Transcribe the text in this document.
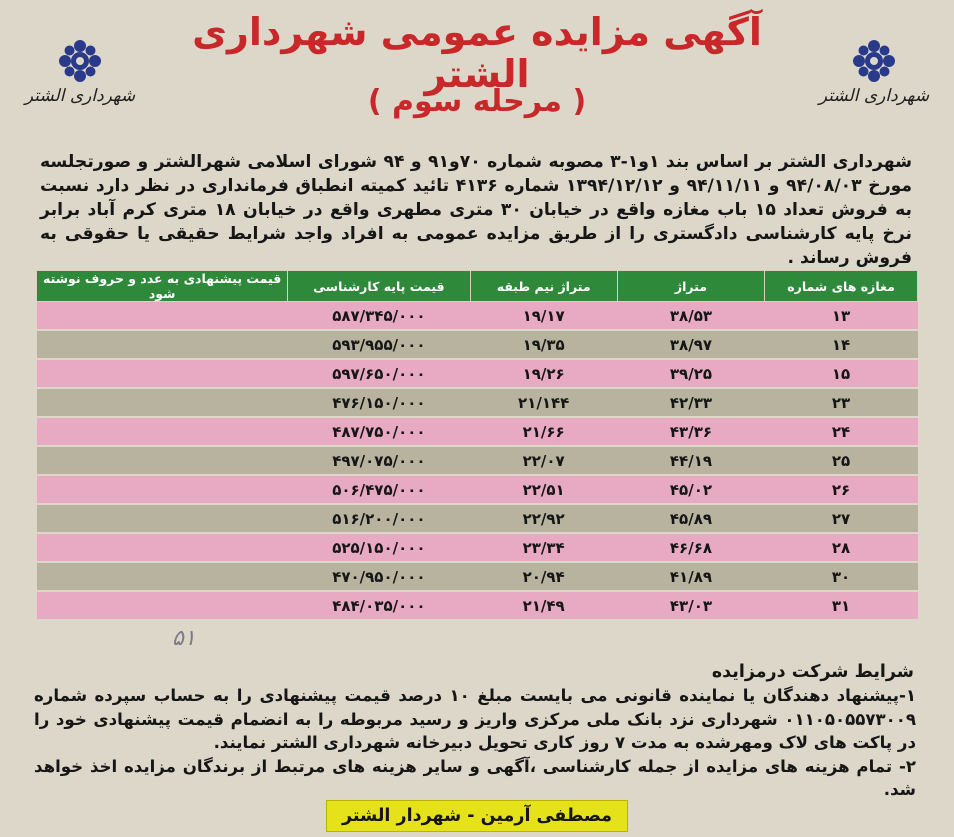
شهرداری الشتر
شهرداری الشتر
آگهی مزایده عمومی شهرداری الشتر
( مرحله سوم )
شهرداری الشتر بر اساس بند ۱و۱-۳ مصوبه شماره ۷۰و۹۱ و ۹۴ شورای اسلامی شهرالشتر و صورتجلسه مورخ ۹۴/۰۸/۰۳ و ۹۴/۱۱/۱۱ و ۱۳۹۴/۱۲/۱۲ شماره ۴۱۳۶ تائید کمیته انطباق فرمانداری در نظر دارد نسبت به فروش تعداد ۱۵ باب مغازه واقع در خیابان ۳۰ متری مطهری واقع در خیابان ۱۸ متری کرم آباد برابر نرخ پایه کارشناسی دادگستری را از طریق مزایده عمومی به افراد واجد شرایط حقیقی یا حقوقی به فروش رساند .
مغازه های شماره	متراژ	متراژ نیم طبقه	قیمت پایه کارشناسی	قیمت پیشنهادی به عدد و حروف نوشته شود
۱۳	۳۸/۵۳	۱۹/۱۷	۵۸۷/۳۴۵/۰۰۰	
۱۴	۳۸/۹۷	۱۹/۳۵	۵۹۳/۹۵۵/۰۰۰	
۱۵	۳۹/۲۵	۱۹/۲۶	۵۹۷/۶۵۰/۰۰۰	
۲۳	۴۲/۳۳	۲۱/۱۴۴	۴۷۶/۱۵۰/۰۰۰	
۲۴	۴۳/۳۶	۲۱/۶۶	۴۸۷/۷۵۰/۰۰۰	
۲۵	۴۴/۱۹	۲۲/۰۷	۴۹۷/۰۷۵/۰۰۰	
۲۶	۴۵/۰۲	۲۲/۵۱	۵۰۶/۴۷۵/۰۰۰	
۲۷	۴۵/۸۹	۲۲/۹۲	۵۱۶/۲۰۰/۰۰۰	
۲۸	۴۶/۶۸	۲۳/۳۴	۵۲۵/۱۵۰/۰۰۰	
۳۰	۴۱/۸۹	۲۰/۹۴	۴۷۰/۹۵۰/۰۰۰	
۳۱	۴۳/۰۳	۲۱/۴۹	۴۸۴/۰۳۵/۰۰۰	
۵۱
شرایط شرکت درمزایده

۱-پیشنهاد دهندگان یا نماینده قانونی می بایست مبلغ ۱۰ درصد قیمت پیشنهادی را به حساب سپرده شماره ۰۱۱۰۵۰۵۵۷۳۰۰۹ شهرداری نزد بانک ملی مرکزی واریز و رسید مربوطه را به انضمام قیمت پیشنهادی خود را در پاکت های لاک ومهرشده به مدت ۷ روز کاری تحویل دبیرخانه شهرداری الشتر نمایند.

۲- تمام هزینه های مزایده از جمله کارشناسی ،آگهی و سایر هزینه های مرتبط از برندگان مزایده اخذ خواهد شد.

مصطفی آرمین - شهردار الشتر
